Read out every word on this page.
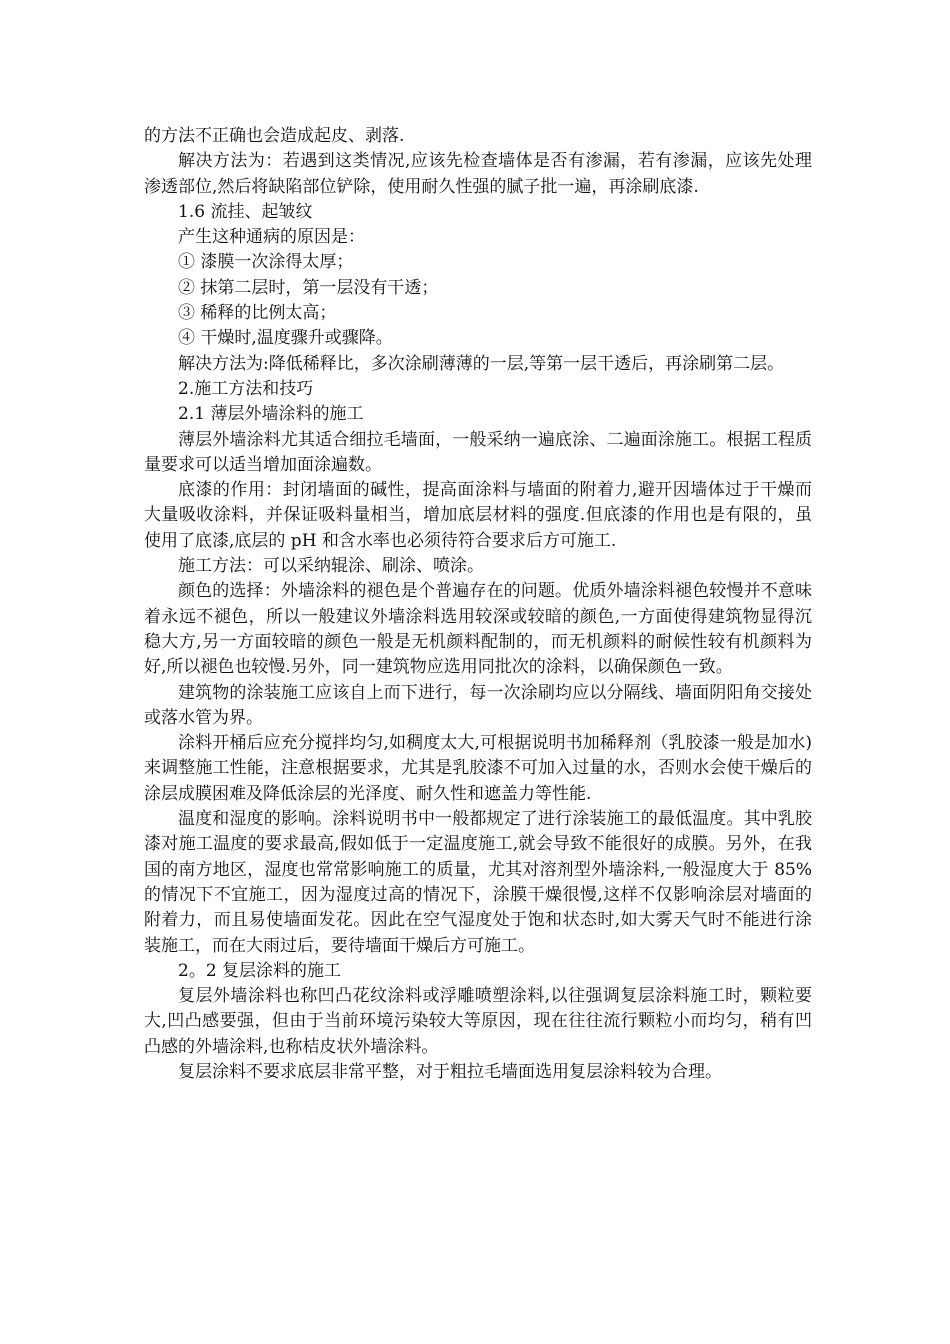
的方法不正确也会造成起皮、剥落.

解决方法为：若遇到这类情况,应该先检查墙体是否有渗漏，若有渗漏，应该先处理渗透部位,然后将缺陷部位铲除，使用耐久性强的腻子批一遍，再涂刷底漆.

1.6 流挂、起皱纹

产生这种通病的原因是：

① 漆膜一次涂得太厚；

② 抹第二层时，第一层没有干透；

③ 稀释的比例太高；

④ 干燥时,温度骤升或骤降。

解决方法为:降低稀释比，多次涂刷薄薄的一层,等第一层干透后，再涂刷第二层。

2.施工方法和技巧

2.1 薄层外墙涂料的施工

薄层外墙涂料尤其适合细拉毛墙面，一般采纳一遍底涂、二遍面涂施工。根据工程质量要求可以适当增加面涂遍数。

底漆的作用：封闭墙面的碱性，提高面涂料与墙面的附着力,避开因墙体过于干燥而大量吸收涂料，并保证吸料量相当，增加底层材料的强度.但底漆的作用也是有限的，虽使用了底漆,底层的 pH 和含水率也必须待符合要求后方可施工.

施工方法：可以采纳辊涂、刷涂、喷涂。

颜色的选择：外墙涂料的褪色是个普遍存在的问题。优质外墙涂料褪色较慢并不意味着永远不褪色，所以一般建议外墙涂料选用较深或较暗的颜色,一方面使得建筑物显得沉稳大方,另一方面较暗的颜色一般是无机颜料配制的，而无机颜料的耐候性较有机颜料为好,所以褪色也较慢.另外，同一建筑物应选用同批次的涂料，以确保颜色一致。

建筑物的涂装施工应该自上而下进行，每一次涂刷均应以分隔线、墙面阴阳角交接处或落水管为界。

涂料开桶后应充分搅拌均匀,如稠度太大,可根据说明书加稀释剂（乳胶漆一般是加水)来调整施工性能，注意根据要求，尤其是乳胶漆不可加入过量的水，否则水会使干燥后的涂层成膜困难及降低涂层的光泽度、耐久性和遮盖力等性能.

温度和湿度的影响。涂料说明书中一般都规定了进行涂装施工的最低温度。其中乳胶漆对施工温度的要求最高,假如低于一定温度施工,就会导致不能很好的成膜。另外，在我国的南方地区，湿度也常常影响施工的质量，尤其对溶剂型外墙涂料,一般湿度大于 85%的情况下不宜施工，因为湿度过高的情况下，涂膜干燥很慢,这样不仅影响涂层对墙面的附着力，而且易使墙面发花。因此在空气湿度处于饱和状态时,如大雾天气时不能进行涂装施工，而在大雨过后，要待墙面干燥后方可施工。

2。2 复层涂料的施工

复层外墙涂料也称凹凸花纹涂料或浮雕喷塑涂料,以往强调复层涂料施工时，颗粒要大,凹凸感要强，但由于当前环境污染较大等原因，现在往往流行颗粒小而均匀，稍有凹凸感的外墙涂料,也称桔皮状外墙涂料。

复层涂料不要求底层非常平整，对于粗拉毛墙面选用复层涂料较为合理。
